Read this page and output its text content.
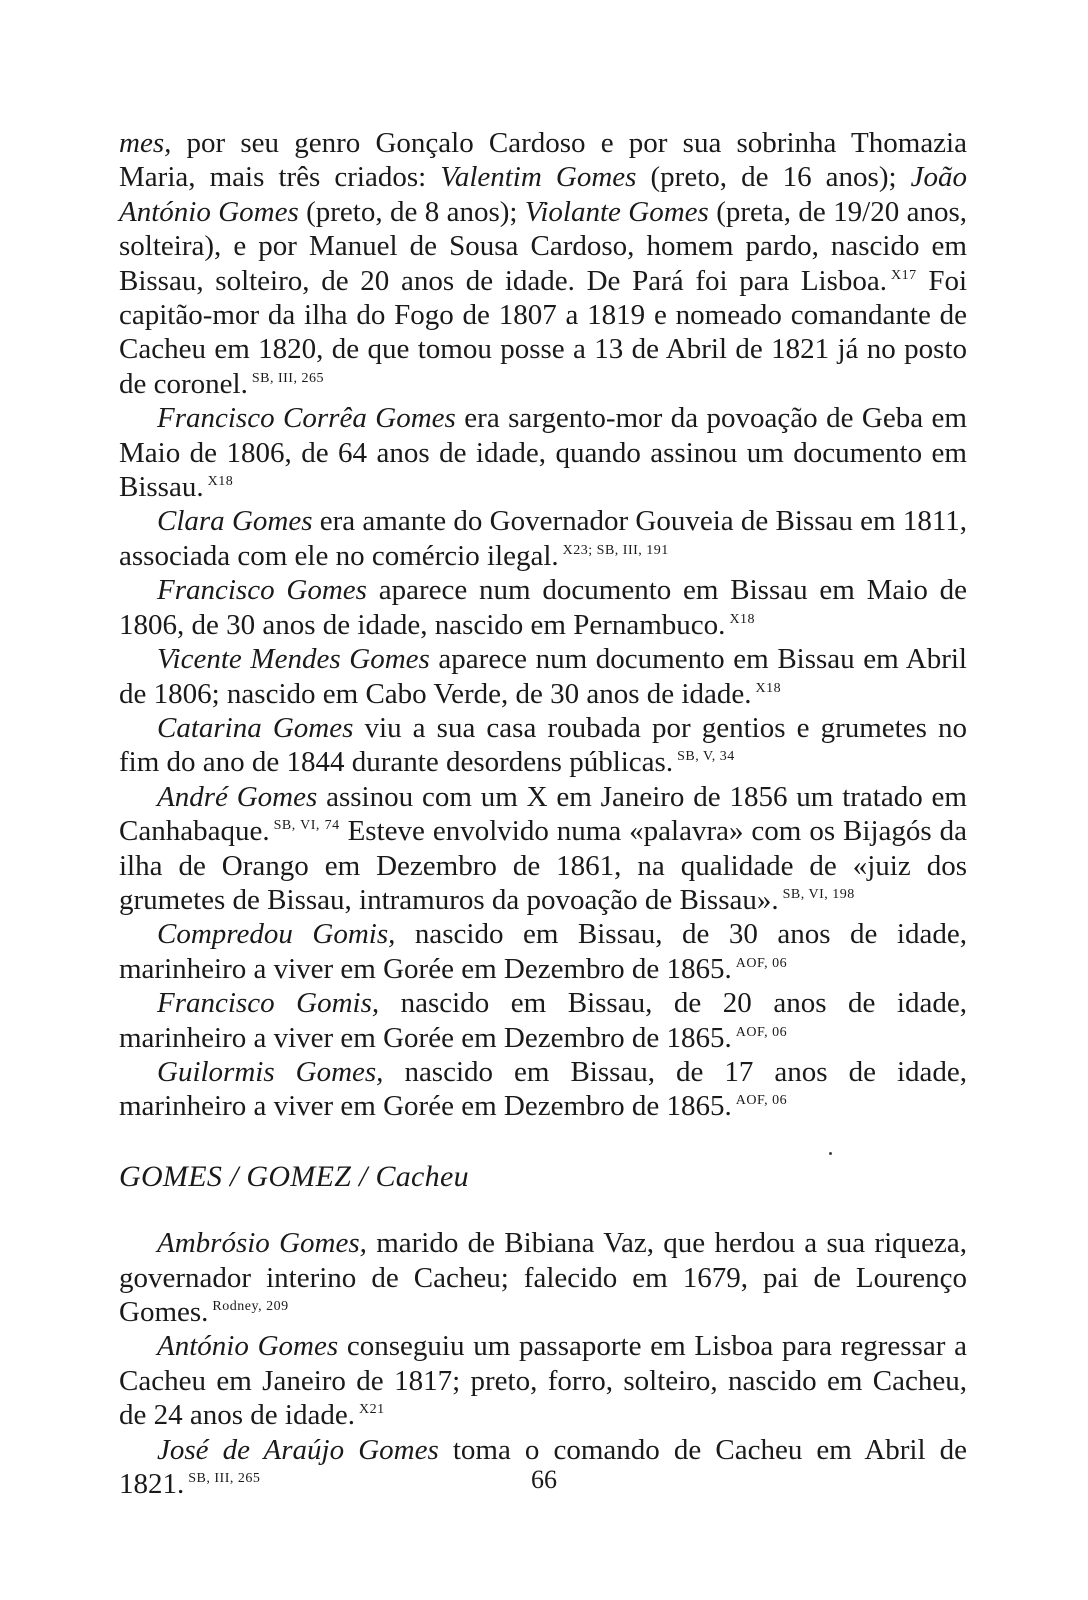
mes, por seu genro Gonçalo Cardoso e por sua sobrinha Thomazia Maria, mais três criados: Valentim Gomes (preto, de 16 anos); João António Gomes (preto, de 8 anos); Violante Gomes (preta, de 19/20 anos, solteira), e por Manuel de Sousa Cardoso, homem pardo, nascido em Bissau, solteiro, de 20 anos de idade. De Pará foi para Lisboa. $^{X17}$ Foi capitão-mor da ilha do Fogo de 1807 a 1819 e nomeado comandante de Cacheu em 1820, de que tomou posse a 13 de Abril de 1821 já no posto de coronel. $^{SB, III, 265}$

Francisco Corrêa Gomes era sargento-mor da povoação de Geba em Maio de 1806, de 64 anos de idade, quando assinou um documento em Bissau. $^{X18}$

Clara Gomes era amante do Governador Gouveia de Bissau em 1811, associada com ele no comércio ilegal. $^{X23; SB, III, 191}$

Francisco Gomes aparece num documento em Bissau em Maio de 1806, de 30 anos de idade, nascido em Pernambuco. $^{X18}$

Vicente Mendes Gomes aparece num documento em Bissau em Abril de 1806; nascido em Cabo Verde, de 30 anos de idade. $^{X18}$

Catarina Gomes viu a sua casa roubada por gentios e grumetes no fim do ano de 1844 durante desordens públicas. $^{SB, V, 34}$

André Gomes assinou com um X em Janeiro de 1856 um tratado em Canhabaque. $^{SB, VI, 74}$ Esteve envolvido numa «palavra» com os Bijagós da ilha de Orango em Dezembro de 1861, na qualidade de «juiz dos grumetes de Bissau, intramuros da povoação de Bissau». $^{SB, VI, 198}$

Compredou Gomis, nascido em Bissau, de 30 anos de idade, marinheiro a viver em Gorée em Dezembro de 1865. $^{AOF, 06}$

Francisco Gomis, nascido em Bissau, de 20 anos de idade, marinheiro a viver em Gorée em Dezembro de 1865. $^{AOF, 06}$

Guilormis Gomes, nascido em Bissau, de 17 anos de idade, marinheiro a viver em Gorée em Dezembro de 1865. $^{AOF, 06}$

GOMES / GOMEZ / Cacheu

Ambrósio Gomes, marido de Bibiana Vaz, que herdou a sua riqueza, governador interino de Cacheu; falecido em 1679, pai de Lourenço Gomes. $^{Rodney, 209}$

António Gomes conseguiu um passaporte em Lisboa para regressar a Cacheu em Janeiro de 1817; preto, forro, solteiro, nascido em Cacheu, de 24 anos de idade. $^{X21}$

José de Araújo Gomes toma o comando de Cacheu em Abril de 1821. $^{SB, III, 265}$	66
